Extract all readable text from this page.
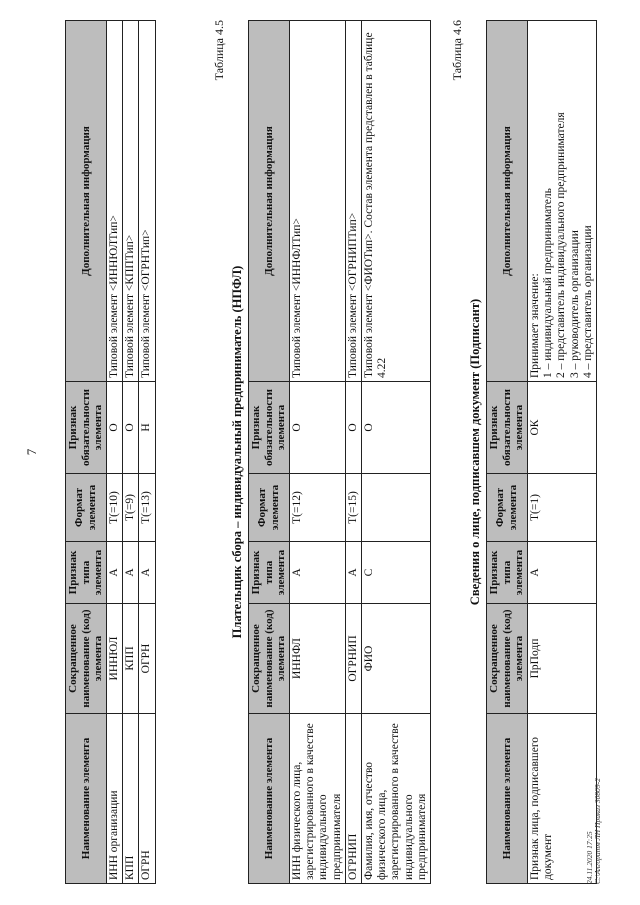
7
Наименование элемента	Сокращенное наименование (код) элемента	Признак типа элемента	Формат элемента	Признак обязательности элемента	Дополнительная информация
ИНН организации	ИННЮЛ	А	T(=10)	О	Типовой элемент <ИННЮЛТип>
КПП	КПП	А	T(=9)	О	Типовой элемент <КППТип>
ОГРН	ОГРН	А	T(=13)	Н	Типовой элемент <ОГРНТип>
Таблица 4.5
Плательщик сбора – индивидуальный предприниматель (НПФЛ)
Наименование элемента	Сокращенное наименование (код) элемента	Признак типа элемента	Формат элемента	Признак обязательности элемента	Дополнительная информация
ИНН физического лица, зарегистрированного в качестве индивидуального предпринимателя	ИННФЛ	А	T(=12)	О	Типовой элемент <ИННФЛТип>
ОГРНИП	ОГРНИП	А	T(=15)	О	Типовой элемент <ОГРНИПТип>
Фамилия, имя, отчество физического лица, зарегистрированного в качестве индивидуального предпринимателя	ФИО	С		О	Типовой элемент <ФИОТип>. Состав элемента представлен в таблице 4.22
Таблица 4.6
Сведения о лице, подписавшем документ (Подписант)
Наименование элемента	Сокращенное наименование (код) элемента	Признак типа элемента	Формат элемента	Признак обязательности элемента	Дополнительная информация
Признак лица, подписавшего документ	ПрПодп	А	T(=1)	ОК	Принимает значение: 1 – индивидуальный предприниматель 2 – представитель индивидуального предпринимателя 3 – руководитель организации 4 – представитель организации
24.11.2020 17:25 С:\Алгоритм ЛН Приказ 30809-2
